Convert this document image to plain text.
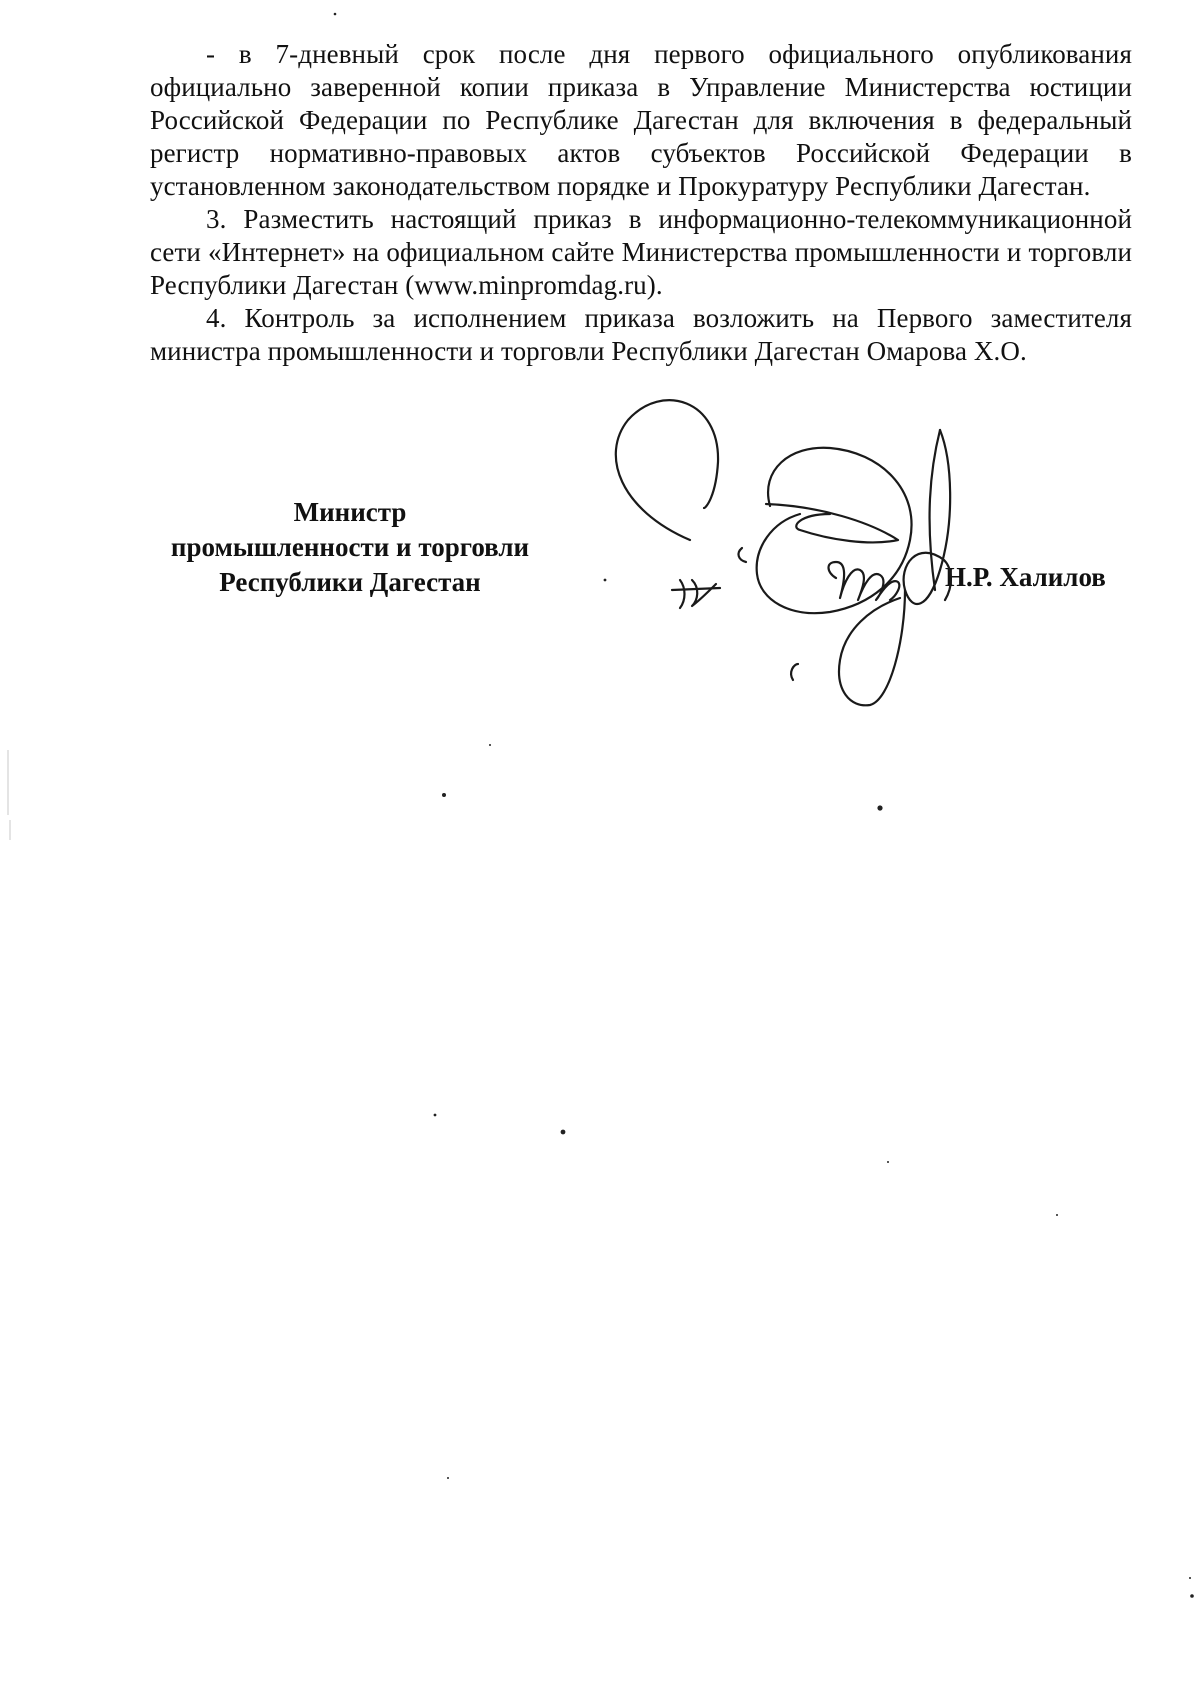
- в 7-дневный срок после дня первого официального опубликования официально заверенной копии приказа в Управление Министерства юстиции Российской Федерации по Республике Дагестан для включения в федеральный регистр нормативно-правовых актов субъектов Российской Федерации в установленном законодательством порядке и Прокуратуру Республики Дагестан.

3. Разместить настоящий приказ в информационно-телекоммуникационной сети «Интернет» на официальном сайте Министерства промышленности и торговли Республики Дагестан (www.minpromdag.ru).

4. Контроль за исполнением приказа возложить на Первого заместителя министра промышленности и торговли Республики Дагестан Омарова Х.О.

Министр
промышленности и торговли
Республики Дагестан	Н.Р. Халилов
